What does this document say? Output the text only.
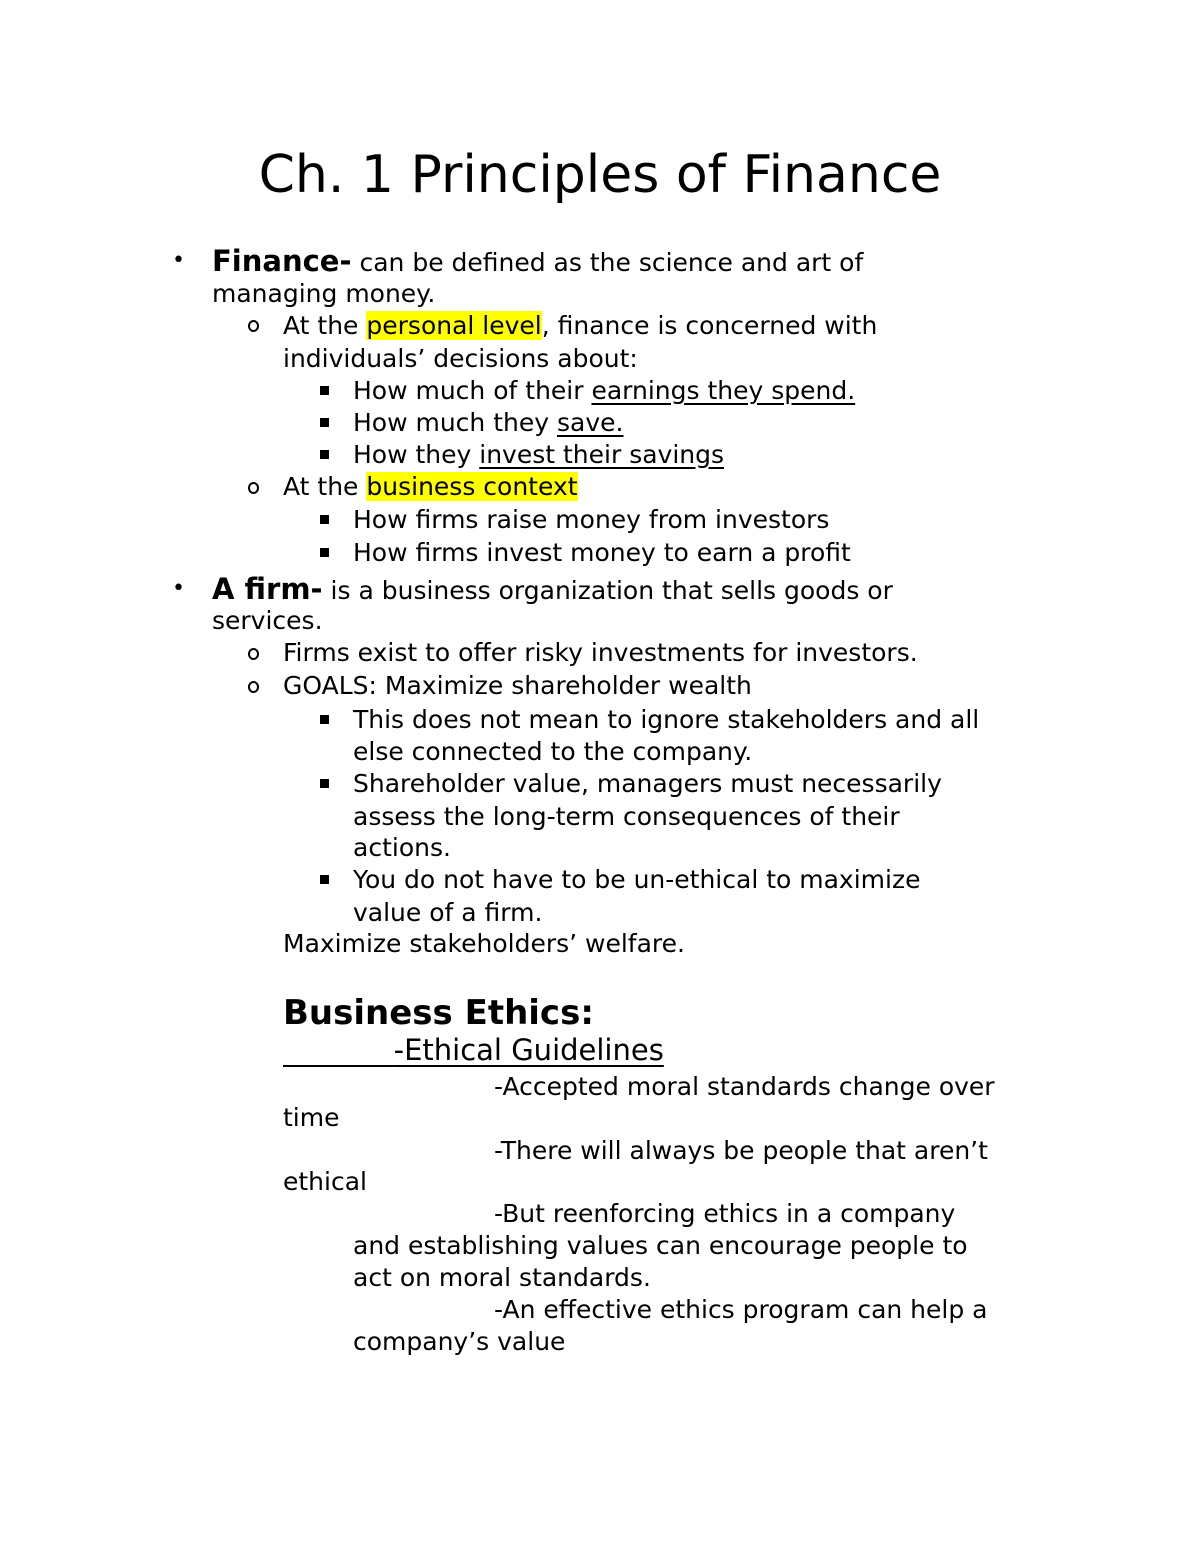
Ch. 1 Principles of Finance
• Finance- can be defined as the science and art of
managing money.
At the personal level, finance is concerned with
individuals’ decisions about:
How much of their earnings they spend.
How much they save.
How they invest their savings
At the business context
How firms raise money from investors
How firms invest money to earn a profit
• A firm- is a business organization that sells goods or
services.
Firms exist to offer risky investments for investors.
GOALS: Maximize shareholder wealth
This does not mean to ignore stakeholders and all
else connected to the company.
Shareholder value, managers must necessarily
assess the long-term consequences of their
actions.
You do not have to be un-ethical to maximize
value of a firm.
Maximize stakeholders’ welfare.
Business Ethics:
-Ethical Guidelines
-Accepted moral standards change over
time
-There will always be people that aren’t
ethical
-But reenforcing ethics in a company
and establishing values can encourage people to
act on moral standards.
-An effective ethics program can help a
company’s value
